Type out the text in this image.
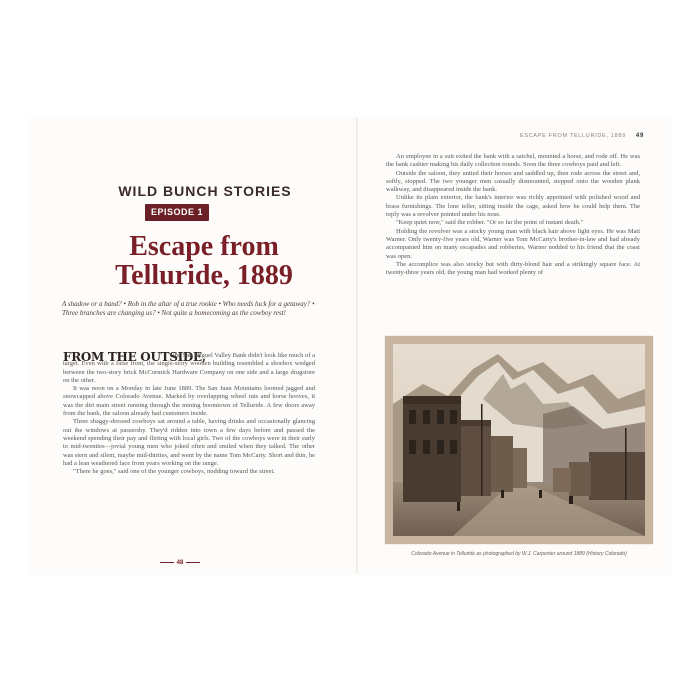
WILD BUNCH STORIES
EPISODE 1
Escape from
Telluride, 1889
A shadow or a band? • Rob in the altar of a true rookie • Who needs luck for a getaway? • Three branches are changing us? • Not quite a homecoming as the cowboy rest!
FROM THE OUTSIDE,

the San Miguel Valley Bank didn't look like much of a target. Even with a false front, the single-story wooden building resembled a shoebox wedged between the two-story brick McCormick Hardware Company on one side and a large drugstore on the other.

It was noon on a Monday in late June 1889. The San Juan Mountains loomed jagged and snowcapped above Colorado Avenue. Marked by overlapping wheel ruts and horse hooves, it was the dirt main street running through the mining boomtown of Telluride. A few doors away from the bank, the saloon already had customers inside.

Three shaggy-dressed cowboys sat around a table, having drinks and occasionally glancing out the windows at passersby. They'd ridden into town a few days before and passed the weekend spending their pay and flirting with local girls. Two of the cowboys were in their early to mid-twenties—jovial young men who joked often and smiled when they talked. The other was stern and silent, maybe mid-thirties, and went by the name Tom McCarty. Short and thin, he had a lean weathered face from years working on the range.

"There he goes," said one of the younger cowboys, nodding toward the street.

48
ESCAPE FROM TELLURIDE, 1889 49

An employee in a suit exited the bank with a satchel, mounted a horse, and rode off. He was the bank cashier making his daily collection rounds. Soon the three cowboys paid and left.

Outside the saloon, they untied their horses and saddled up, then rode across the street and, softly, stopped. The two younger men casually dismounted, stepped onto the wooden plank walkway, and disappeared inside the bank.

Unlike its plain exterior, the bank's interior was richly appointed with polished wood and brass furnishings. The lone teller, sitting inside the cage, asked how he could help them. The reply was a revolver pointed under his nose.

"Keep quiet now," said the robber. "Or so far the point of instant death."

Holding the revolver was a stocky young man with black hair above light eyes. He was Matt Warner. Only twenty-five years old, Warner was Tom McCarty's brother-in-law and had already accompanied him on many escapades and robberies. Warner nodded to his friend that the coast was open.

The accomplice was also stocky but with dirty-blond hair and a strikingly square face. At twenty-three years old, the young man had worked plenty of

Colorado Avenue in Telluride as photographed by W.J. Carpenter around 1889 (History Colorado)
